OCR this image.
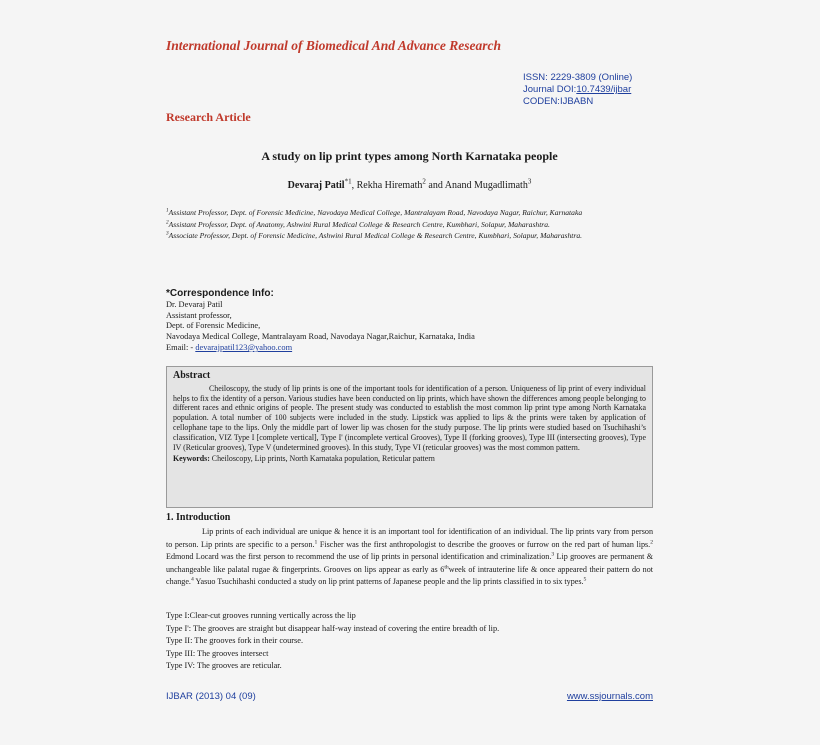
International Journal of Biomedical And Advance Research
ISSN: 2229-3809 (Online)
Journal DOI:10.7439/ijbar
CODEN:IJBABN
Research Article
A study on lip print types among North Karnataka people
Devaraj Patil$^{*1}$, Rekha Hiremath$^2$ and Anand Mugadlimath$^3$

$^1$Assistant Professor, Dept. of Forensic Medicine, Navodaya Medical College, Mantralayam Road, Navodaya Nagar, Raichur, Karnataka

$^2$Assistant Professor, Dept. of Anatomy, Ashwini Rural Medical College & Research Centre, Kumbhari, Solapur, Maharashtra.

$^3$Associate Professor, Dept. of Forensic Medicine, Ashwini Rural Medical College & Research Centre, Kumbhari, Solapur, Maharashtra.

*Correspondence Info:
Dr. Devaraj Patil
Assistant professor,
Dept. of Forensic Medicine,
Navodaya Medical College, Mantralayam Road, Navodaya Nagar,Raichur, Karnataka, India
Email: - devarajpatil123@yahoo.com
Abstract

Cheiloscopy, the study of lip prints is one of the important tools for identification of a person. Uniqueness of lip print of every individual helps to fix the identity of a person. Various studies have been conducted on lip prints, which have shown the differences among people belonging to different races and ethnic origins of people. The present study was conducted to establish the most common lip print type among North Karnataka population. A total number of 100 subjects were included in the study. Lipstick was applied to lips & the prints were taken by application of cellophane tape to the lips. Only the middle part of lower lip was chosen for the study purpose. The lip prints were studied based on Tsuchihashi’s classification, VIZ Type I [complete vertical], Type I' (incomplete vertical Grooves), Type II (forking grooves), Type III (intersecting grooves), Type IV (Reticular grooves), Type V (undetermined grooves). In this study, Type VI (reticular grooves) was the most common pattern.

Keywords: Cheiloscopy, Lip prints, North Karnataka population, Reticular pattern

1. Introduction

Lip prints of each individual are unique & hence it is an important tool for identification of an individual. The lip prints vary from person to person. Lip prints are specific to a person.$^1$ Fischer was the first anthropologist to describe the grooves or furrow on the red part of human lips.$^2$ Edmond Locard was the first person to recommend the use of lip prints in personal identification and criminalization.$^3$ Lip grooves are permanent & unchangeable like palatal rugae & fingerprints. Grooves on lips appear as early as 6thweek of intrauterine life & once appeared their pattern do not change.$^4$ Yasuo Tsuchihashi conducted a study on lip print patterns of Japanese people and the lip prints classified in to six types.$^5$

Type I:Clear-cut grooves running vertically across the lip
Type I': The grooves are straight but disappear half-way instead of covering the entire breadth of lip.
Type II: The grooves fork in their course.
Type III: The grooves intersect
Type IV: The grooves are reticular.
IJBAR (2013) 04 (09)	www.ssjournals.com
